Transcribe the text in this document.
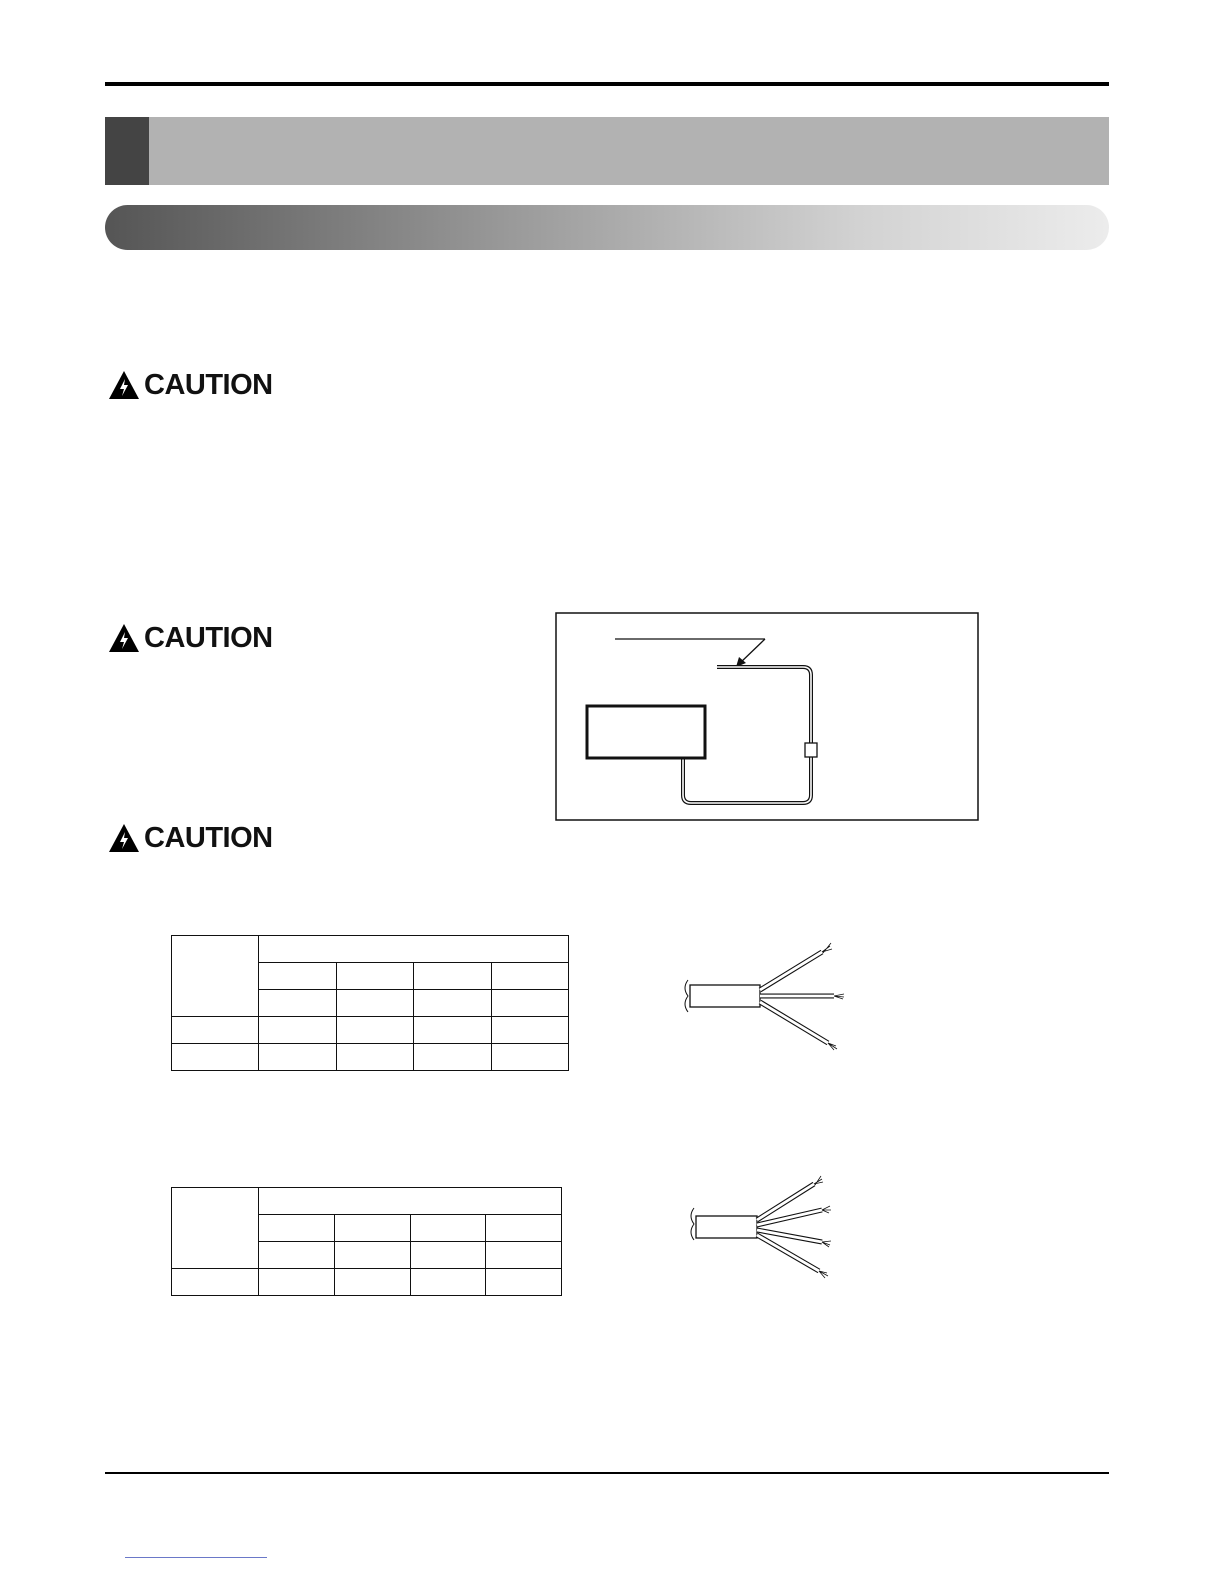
CAUTION
CAUTION
CAUTION
